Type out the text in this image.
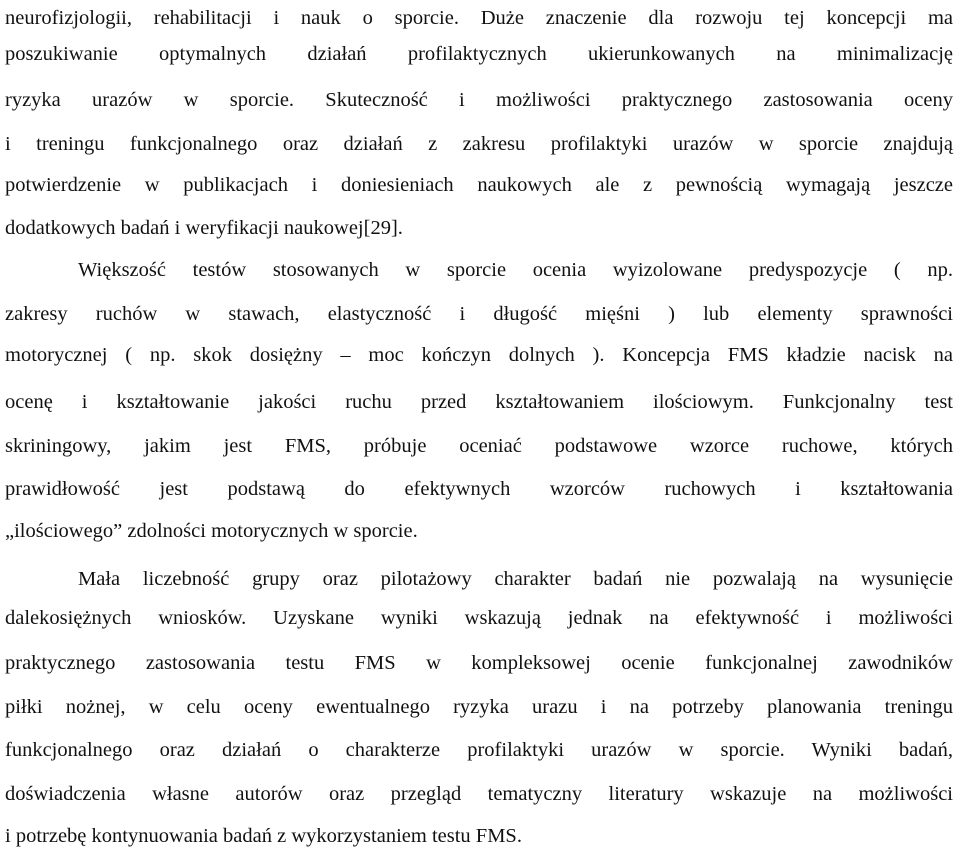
neurofizjologii, rehabilitacji i nauk o sporcie. Duże znaczenie dla rozwoju tej koncepcji ma
poszukiwanie optymalnych działań profilaktycznych ukierunkowanych na minimalizację
ryzyka urazów w sporcie. Skuteczność i możliwości praktycznego zastosowania oceny
i treningu funkcjonalnego oraz działań z zakresu profilaktyki urazów w sporcie znajdują
potwierdzenie w publikacjach i doniesieniach naukowych ale z pewnością wymagają jeszcze
dodatkowych badań i weryfikacji naukowej[29].
Większość testów stosowanych w sporcie ocenia wyizolowane predyspozycje ( np.
zakresy ruchów w stawach, elastyczność i długość mięśni ) lub elementy sprawności
motorycznej ( np. skok dosiężny – moc kończyn dolnych ). Koncepcja FMS kładzie nacisk na
ocenę i kształtowanie jakości ruchu przed kształtowaniem ilościowym. Funkcjonalny test
skriningowy, jakim jest FMS, próbuje oceniać podstawowe wzorce ruchowe, których
prawidłowość jest podstawą do efektywnych wzorców ruchowych i kształtowania
„ilościowego” zdolności motorycznych w sporcie.
Mała liczebność grupy oraz pilotażowy charakter badań nie pozwalają na wysunięcie
dalekosiężnych wniosków. Uzyskane wyniki wskazują jednak na efektywność i możliwości
praktycznego zastosowania testu FMS w kompleksowej ocenie funkcjonalnej zawodników
piłki nożnej, w celu oceny ewentualnego ryzyka urazu i na potrzeby planowania treningu
funkcjonalnego oraz działań o charakterze profilaktyki urazów w sporcie. Wyniki badań,
doświadczenia własne autorów oraz przegląd tematyczny literatury wskazuje na możliwości
i potrzebę kontynuowania badań z wykorzystaniem testu FMS.
